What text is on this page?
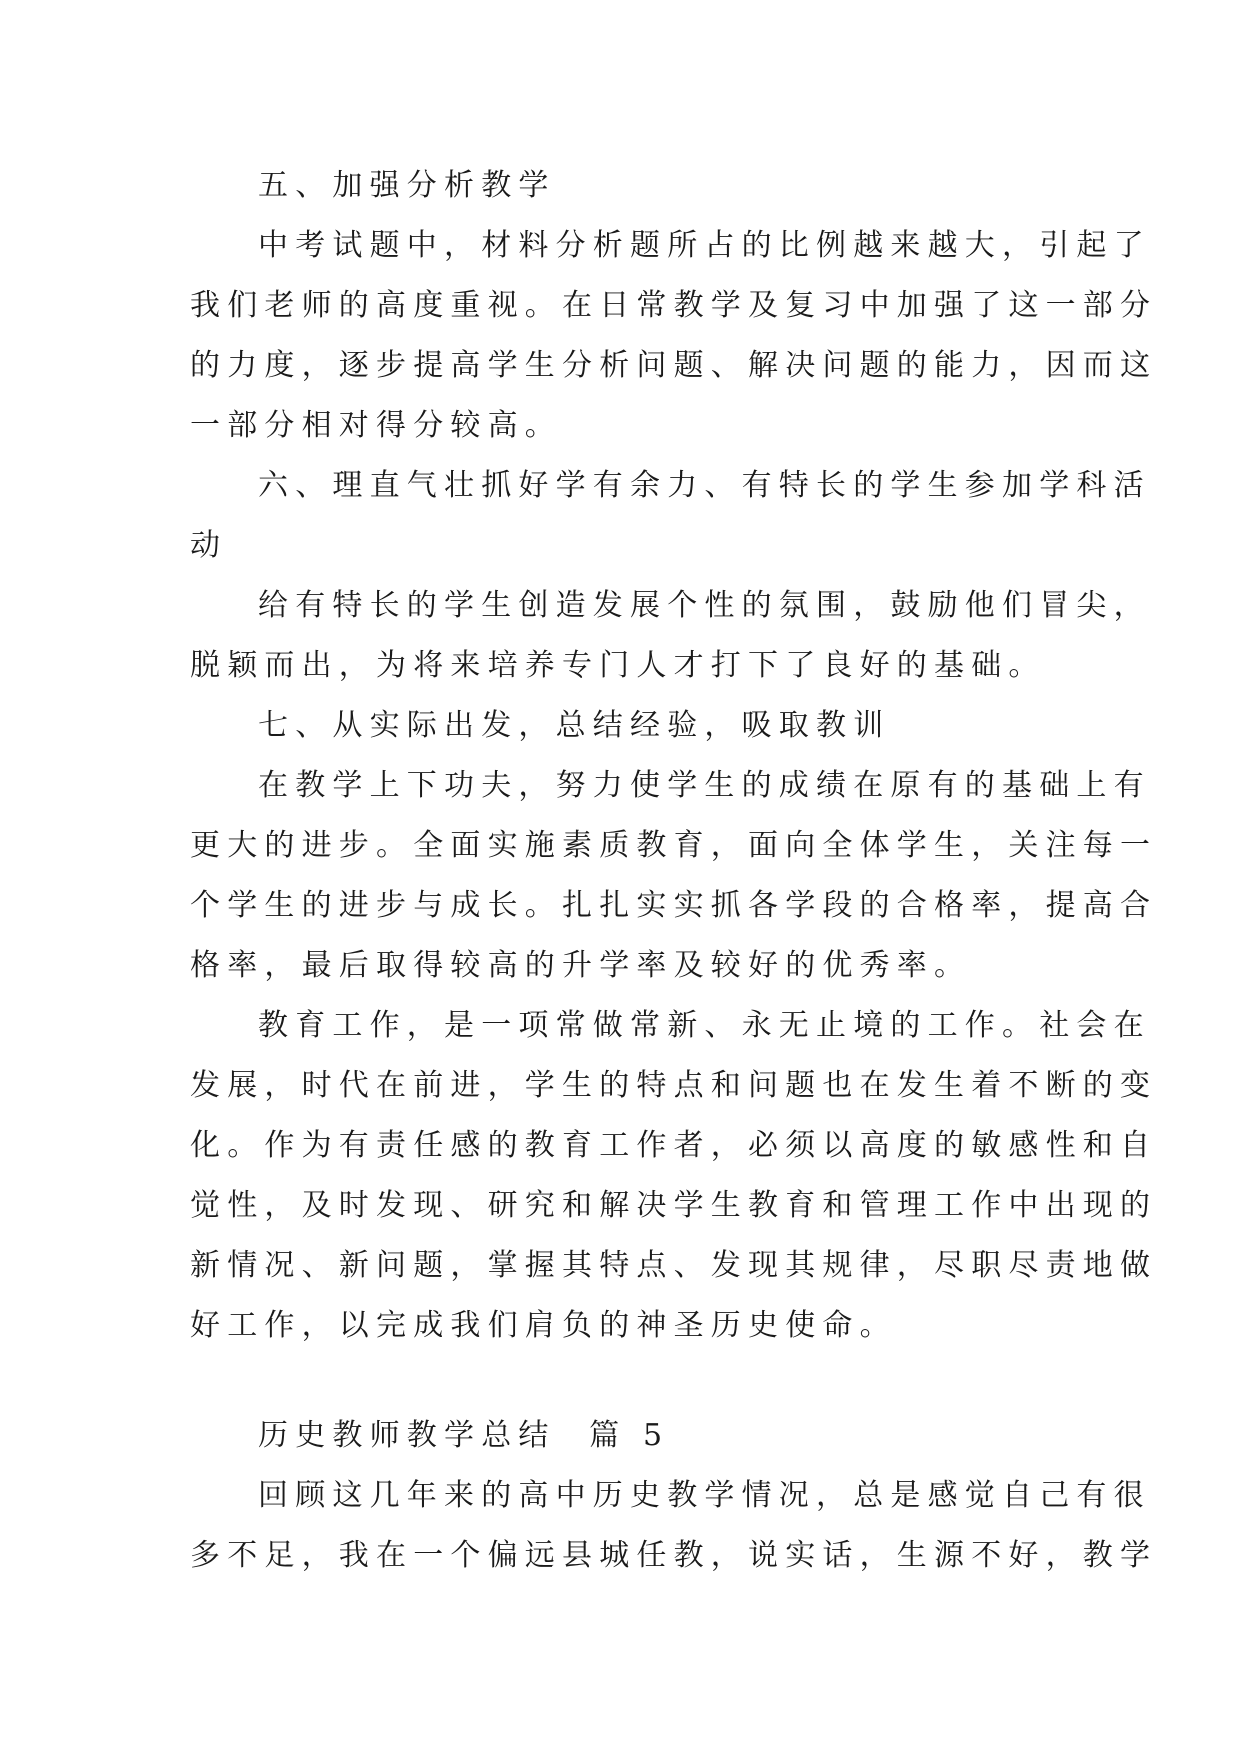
五、加强分析教学
中考试题中，材料分析题所占的比例越来越大，引起了
我们老师的高度重视。在日常教学及复习中加强了这一部分
的力度，逐步提高学生分析问题、解决问题的能力，因而这
一部分相对得分较高。
六、理直气壮抓好学有余力、有特长的学生参加学科活
动
给有特长的学生创造发展个性的氛围，鼓励他们冒尖，
脱颖而出，为将来培养专门人才打下了良好的基础。
七、从实际出发，总结经验，吸取教训
在教学上下功夫，努力使学生的成绩在原有的基础上有
更大的进步。全面实施素质教育，面向全体学生，关注每一
个学生的进步与成长。扎扎实实抓各学段的合格率，提高合
格率，最后取得较高的升学率及较好的优秀率。
教育工作，是一项常做常新、永无止境的工作。社会在
发展，时代在前进，学生的特点和问题也在发生着不断的变
化。作为有责任感的教育工作者，必须以高度的敏感性和自
觉性，及时发现、研究和解决学生教育和管理工作中出现的
新情况、新问题，掌握其特点、发现其规律，尽职尽责地做
好工作，以完成我们肩负的神圣历史使命。
历史教师教学总结  篇 5
回顾这几年来的高中历史教学情况，总是感觉自己有很
多不足，我在一个偏远县城任教，说实话，生源不好，教学
